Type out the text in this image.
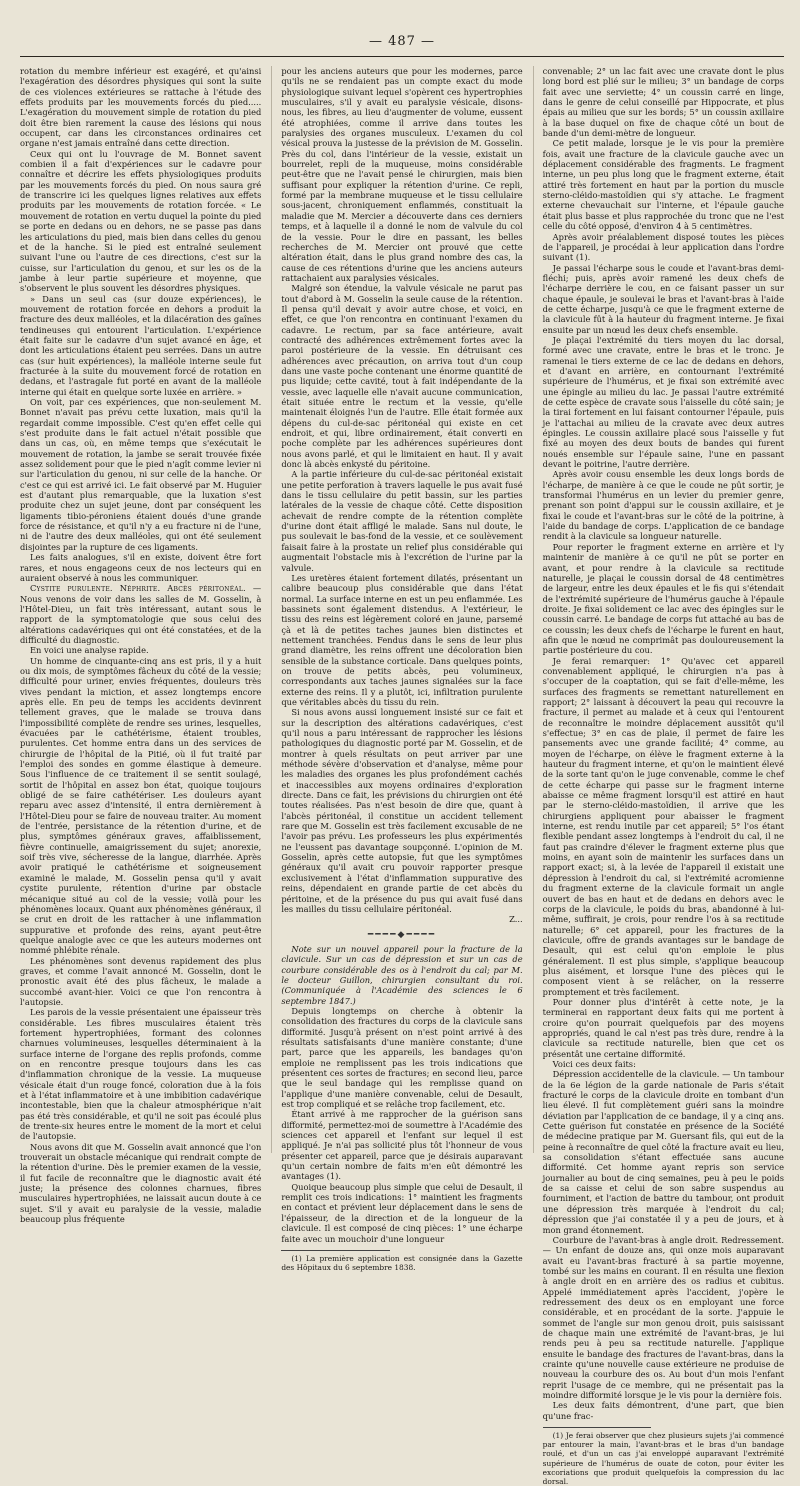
— 487 —

rotation du membre inférieur est exagéré, et qu'ainsi l'exagération des désordres physiques qui sont la suite de ces violences extérieures se rattache à l'étude des effets produits par les mouvements forcés du pied..... L'exagération du mouvement simple de rotation du pied doit être bien rarement la cause des lésions qui nous occupent, car dans les circonstances ordinaires cet organe n'est jamais entraîné dans cette direction.

Ceux qui ont lu l'ouvrage de M. Bonnet savent combien il a fait d'expériences sur le cadavre pour connaître et décrire les effets physiologiques produits par les mouvements forcés du pied. On nous saura gré de transcrire ici les quelques lignes relatives aux effets produits par les mouvements de rotation forcée. « Le mouvement de rotation en vertu duquel la pointe du pied se porte en dedans ou en dehors, ne se passe pas dans les articulations du pied, mais bien dans celles du genou et de la hanche. Si le pied est entraîné seulement suivant l'une ou l'autre de ces directions, c'est sur la cuisse, sur l'articulation du genou, et sur les os de la jambe à leur partie supérieure et moyenne, que s'observent le plus souvent les désordres physiques.

» Dans un seul cas (sur douze expériences), le mouvement de rotation forcée en dehors a produit la fracture des deux malléoles, et la dilacération des gaînes tendineuses qui entourent l'articulation. L'expérience était faite sur le cadavre d'un sujet avancé en âge, et dont les articulations étaient peu serrées. Dans un autre cas (sur huit expériences), la malléole interne seule fut fracturée à la suite du mouvement forcé de rotation en dedans, et l'astragale fut porté en avant de la malléole interne qui était en quelque sorte luxée en arrière. »

On voit, par ces expériences, que non-seulement M. Bonnet n'avait pas prévu cette luxation, mais qu'il la regardait comme impossible. C'est qu'en effet celle qui s'est produite dans le fait actuel n'était possible que dans un cas, où, en même temps que s'exécutait le mouvement de rotation, la jambe se serait trouvée fixée assez solidement pour que le pied n'agît comme levier ni sur l'articulation du genou, ni sur celle de la hanche. Or c'est ce qui est arrivé ici. Le fait observé par M. Huguier est d'autant plus remarquable, que la luxation s'est produite chez un sujet jeune, dont par conséquent les ligaments tibio-péroniens étaient doués d'une grande force de résistance, et qu'il n'y a eu fracture ni de l'une, ni de l'autre des deux malléoles, qui ont été seulement disjointes par la rupture de ces ligaments.

Les faits analogues, s'il en existe, doivent être fort rares, et nous engageons ceux de nos lecteurs qui en auraient observé à nous les communiquer.

Cystite purulente. Néphrite. Abcès péritonéal. — Nous venons de voir dans les salles de M. Gosselin, à l'Hôtel-Dieu, un fait très intéressant, autant sous le rapport de la symptomatologie que sous celui des altérations cadavériques qui ont été constatées, et de la difficulté du diagnostic.

En voici une analyse rapide.

Un homme de cinquante-cinq ans est pris, il y a huit ou dix mois, de symptômes fâcheux du côté de la vessie; difficulté pour uriner, envies fréquentes, douleurs très vives pendant la miction, et assez longtemps encore après elle. En peu de temps les accidents devinrent tellement graves, que le malade se trouva dans l'impossibilité complète de rendre ses urines, lesquelles, évacuées par le cathétérisme, étaient troubles, purulentes. Cet homme entra dans un des services de chirurgie de l'hôpital de la Pitié, où il fut traité par l'emploi des sondes en gomme élastique à demeure. Sous l'influence de ce traitement il se sentit soulagé, sortit de l'hôpital en assez bon état, quoique toujours obligé de se faire cathétériser. Les douleurs ayant reparu avec assez d'intensité, il entra dernièrement à l'Hôtel-Dieu pour se faire de nouveau traiter. Au moment de l'entrée, persistance de la rétention d'urine, et de plus, symptômes généraux graves, affaiblissement, fièvre continuelle, amaigrissement du sujet; anorexie, soif très vive, sécheresse de la langue, diarrhée. Après avoir pratiqué le cathétérisme et soigneusement examiné le malade, M. Gosselin pensa qu'il y avait cystite purulente, rétention d'urine par obstacle mécanique situé au col de la vessie; voilà pour les phénomènes locaux. Quant aux phénomènes généraux, il se crut en droit de les rattacher à une inflammation suppurative et profonde des reins, ayant peut-être quelque analogie avec ce que les auteurs modernes ont nommé phlébite rénale.

Les phénomènes sont devenus rapidement des plus graves, et comme l'avait annoncé M. Gosselin, dont le pronostic avait été des plus fâcheux, le malade a succombé avant-hier. Voici ce que l'on rencontra à l'autopsie.

Les parois de la vessie présentaient une épaisseur très considérable. Les fibres musculaires étaient très fortement hypertrophiées, formant des colonnes charnues volumineuses, lesquelles déterminaient à la surface interne de l'organe des replis profonds, comme on en rencontre presque toujours dans les cas d'inflammation chronique de la vessie. La muqueuse vésicale était d'un rouge foncé, coloration due à la fois et à l'état inflammatoire et à une imbibition cadavérique incontestable, bien que la chaleur atmosphérique n'ait pas été très considérable, et qu'il ne soit pas écoulé plus de trente-six heures entre le moment de la mort et celui de l'autopsie.

Nous avons dit que M. Gosselin avait annoncé que l'on trouverait un obstacle mécanique qui rendrait compte de la rétention d'urine. Dès le premier examen de la vessie, il fut facile de reconnaître que le diagnostic avait été juste; la présence des colonnes charnues, fibres musculaires hypertrophiées, ne laissait aucun doute à ce sujet. S'il y avait eu paralysie de la vessie, maladie beaucoup plus fréquente

pour les anciens auteurs que pour les modernes, parce qu'ils ne se rendaient pas un compte exact du mode physiologique suivant lequel s'opèrent ces hypertrophies musculaires, s'il y avait eu paralysie vésicale, disons-nous, les fibres, au lieu d'augmenter de volume, eussent été atrophiées, comme il arrive dans toutes les paralysies des organes musculeux. L'examen du col vésical prouva la justesse de la prévision de M. Gosselin. Près du col, dans l'intérieur de la vessie, existait un bourrelet, repli de la muqueuse, moins considérable peut-être que ne l'avait pensé le chirurgien, mais bien suffisant pour expliquer la rétention d'urine. Ce repli, formé par la membrane muqueuse et le tissu cellulaire sous-jacent, chroniquement enflammés, constituait la maladie que M. Mercier a découverte dans ces derniers temps, et à laquelle il a donné le nom de valvule du col de la vessie. Pour le dire en passant, les belles recherches de M. Mercier ont prouvé que cette altération était, dans le plus grand nombre des cas, la cause de ces rétentions d'urine que les anciens auteurs rattachaient aux paralysies vésicales.

Malgré son étendue, la valvule vésicale ne parut pas tout d'abord à M. Gosselin la seule cause de la rétention. Il pensa qu'il devait y avoir autre chose, et voici, en effet, ce que l'on rencontra en continuant l'examen du cadavre. Le rectum, par sa face antérieure, avait contracté des adhérences extrêmement fortes avec la paroi postérieure de la vessie. En détruisant ces adhérences avec précaution, on arriva tout d'un coup dans une vaste poche contenant une énorme quantité de pus liquide; cette cavité, tout à fait indépendante de la vessie, avec laquelle elle n'avait aucune communication, était située entre le rectum et la vessie, qu'elle maintenait éloignés l'un de l'autre. Elle était formée aux dépens du cul-de-sac péritonéal qui existe en cet endroit, et qui, libre ordinairement, était converti en poche complète par les adhérences supérieures dont nous avons parlé, et qui le limitaient en haut. Il y avait donc là abcès enkysté du péritoine.

A la partie inférieure du cul-de-sac péritonéal existait une petite perforation à travers laquelle le pus avait fusé dans le tissu cellulaire du petit bassin, sur les parties latérales de la vessie de chaque côté. Cette disposition achevait de rendre compte de la rétention complète d'urine dont était affligé le malade. Sans nul doute, le pus soulevait le bas-fond de la vessie, et ce soulèvement faisait faire à la prostate un relief plus considérable qui augmentait l'obstacle mis à l'excrétion de l'urine par la valvule.

Les uretères étaient fortement dilatés, présentant un calibre beaucoup plus considérable que dans l'état normal. La surface interne en est un peu enflammée. Les bassinets sont également distendus. A l'extérieur, le tissu des reins est légèrement coloré en jaune, parsemé çà et là de petites taches jaunes bien distinctes et nettement tranchées. Fendus dans le sens de leur plus grand diamètre, les reins offrent une décoloration bien sensible de la substance corticale. Dans quelques points, on trouve de petits abcès, peu volumineux, correspondants aux taches jaunes signalées sur la face externe des reins. Il y a plutôt, ici, infiltration purulente que véritables abcès du tissu du rein.

Si nous avons aussi longuement insisté sur ce fait et sur la description des altérations cadavériques, c'est qu'il nous a paru intéressant de rapprocher les lésions pathologiques du diagnostic porté par M. Gosselin, et de montrer à quels résultats on peut arriver par une méthode sévère d'observation et d'analyse, même pour les maladies des organes les plus profondément cachés et inaccessibles aux moyens ordinaires d'exploration directe. Dans ce fait, les prévisions du chirurgien ont été toutes réalisées. Pas n'est besoin de dire que, quant à l'abcès péritonéal, il constitue un accident tellement rare que M. Gosselin est très facilement excusable de ne l'avoir pas prévu. Les professeurs les plus expérimentés ne l'eussent pas davantage soupçonné. L'opinion de M. Gosselin, après cette autopsie, fut que les symptômes généraux qu'il avait cru pouvoir rapporter presque exclusivement à l'état d'inflammation suppurative des reins, dépendaient en grande partie de cet abcès du péritoine, et de la présence du pus qui avait fusé dans les mailles du tissu cellulaire péritonéal.

Z...

━━━━◆━━━━

Note sur un nouvel appareil pour la fracture de la clavicule. Sur un cas de dépression et sur un cas de courbure considérable des os à l'endroit du cal; par M. le docteur Guillon, chirurgien consultant du roi. (Communiquée à l'Académie des sciences le 6 septembre 1847.)

Depuis longtemps on cherche à obtenir la consolidation des fractures du corps de la clavicule sans difformité. Jusqu'à présent on n'est point arrivé à des résultats satisfaisants d'une manière constante; d'une part, parce que les appareils, les bandages qu'on emploie ne remplissent pas les trois indications que présentent ces sortes de fractures; en second lieu, parce que le seul bandage qui les remplisse quand on l'applique d'une manière convenable, celui de Desault, est trop compliqué et se relâche trop facilement, etc.

Étant arrivé à me rapprocher de la guérison sans difformité, permettez-moi de soumettre à l'Académie des sciences cet appareil et l'enfant sur lequel il est appliqué. Je n'ai pas sollicité plus tôt l'honneur de vous présenter cet appareil, parce que je désirais auparavant qu'un certain nombre de faits m'en eût démontré les avantages (1).

Quoique beaucoup plus simple que celui de Desault, il remplit ces trois indications: 1° maintient les fragments en contact et prévient leur déplacement dans le sens de l'épaisseur, de la direction et de la longueur de la clavicule. Il est composé de cinq pièces: 1° une écharpe faite avec un mouchoir d'une longueur

(1) La première application est consignée dans la Gazette des Hôpitaux du 6 septembre 1838.

convenable; 2° un lac fait avec une cravate dont le plus long bord est plié sur le milieu; 3° un bandage de corps fait avec une serviette; 4° un coussin carré en linge, dans le genre de celui conseillé par Hippocrate, et plus épais au milieu que sur les bords; 5° un coussin axillaire à la base duquel on fixe de chaque côté un bout de bande d'un demi-mètre de longueur.

Ce petit malade, lorsque je le vis pour la première fois, avait une fracture de la clavicule gauche avec un déplacement considérable des fragments. Le fragment interne, un peu plus long que le fragment externe, était attiré très fortement en haut par la portion du muscle sterno-cléido-mastoïdien qui s'y attache. Le fragment externe chevauchait sur l'interne, et l'épaule gauche était plus basse et plus rapprochée du tronc que ne l'est celle du côté opposé, d'environ 4 à 5 centimètres.

Après avoir préalablement disposé toutes les pièces de l'appareil, je procédai à leur application dans l'ordre suivant (1).

Je passai l'écharpe sous le coude et l'avant-bras demi-fléchi; puis, après avoir ramené les deux chefs de l'écharpe derrière le cou, en ce faisant passer un sur chaque épaule, je soulevai le bras et l'avant-bras à l'aide de cette écharpe, jusqu'à ce que le fragment externe de la clavicule fût à la hauteur du fragment interne. Je fixai ensuite par un nœud les deux chefs ensemble.

Je plaçai l'extrémité du tiers moyen du lac dorsal, formé avec une cravate, entre le bras et le tronc. Je ramenai le tiers externe de ce lac de dedans en dehors, et d'avant en arrière, en contournant l'extrémité supérieure de l'humérus, et je fixai son extrémité avec une épingle au milieu du lac. Je passai l'autre extrémité de cette espèce de cravate sous l'aisselle du côté sain; je la tirai fortement en lui faisant contourner l'épaule, puis je l'attachai au milieu de la cravate avec deux autres épingles. Le coussin axillaire placé sous l'aisselle y fut fixé au moyen des deux bouts de bandes qui furent noués ensemble sur l'épaule saine, l'une en passant devant le poitrine, l'autre derrière.

Après avoir cousu ensemble les deux longs bords de l'écharpe, de manière à ce que le coude ne pût sortir, je transformai l'humérus en un levier du premier genre, prenant son point d'appui sur le coussin axillaire, et je fixai le coude et l'avant-bras sur le côté de la poitrine, à l'aide du bandage de corps. L'application de ce bandage rendit à la clavicule sa longueur naturelle.

Pour reporter le fragment externe en arrière et l'y maintenir de manière à ce qu'il ne pût se porter en avant, et pour rendre à la clavicule sa rectitude naturelle, je plaçai le coussin dorsal de 48 centimètres de largeur, entre les deux épaules et le fis qui s'étendait de l'extrémité supérieure de l'humérus gauche à l'épaule droite. Je fixai solidement ce lac avec des épingles sur le coussin carré. Le bandage de corps fut attaché au bas de ce coussin; les deux chefs de l'écharpe le furent en haut, afin que le nœud ne comprimât pas douloureusement la partie postérieure du cou.

Je ferai remarquer: 1° Qu'avec cet appareil convenablement appliqué, le chirurgien n'a pas à s'occuper de la coaptation, qui se fait d'elle-même, les surfaces des fragments se remettant naturellement en rapport; 2° laissant à découvert la peau qui recouvre la fracture, il permet au malade et à ceux qui l'entourent de reconnaître le moindre déplacement aussitôt qu'il s'effectue; 3° en cas de plaie, il permet de faire les pansements avec une grande facilité; 4° comme, au moyen de l'écharpe, on élève le fragment externe à la hauteur du fragment interne, et qu'on le maintient élevé de la sorte tant qu'on le juge convenable, comme le chef de cette écharpe qui passe sur le fragment interne abaisse ce même fragment lorsqu'il est attiré en haut par le sterno-cléido-mastoïdien, il arrive que les chirurgiens appliquent pour abaisser le fragment interne, est rendu inutile par cet appareil; 5° l'os étant flexible pendant assez longtemps à l'endroit du cal, il ne faut pas craindre d'élever le fragment externe plus que moins, en ayant soin de maintenir les surfaces dans un rapport exact; si, à la levée de l'appareil il existait une dépression à l'endroit du cal, si l'extrémité acromienne du fragment externe de la clavicule formait un angle ouvert de bas en haut et de dedans en dehors avec le corps de la clavicule, le poids du bras, abandonné à lui-même, suffirait, je crois, pour rendre l'os à sa rectitude naturelle; 6° cet appareil, pour les fractures de la clavicule, offre de grands avantages sur le bandage de Desault, qui est celui qu'on emploie le plus généralement. Il est plus simple, s'applique beaucoup plus aisément, et lorsque l'une des pièces qui le composent vient à se relâcher, on la resserre promptement et très facilement.

Pour donner plus d'intérêt à cette note, je la terminerai en rapportant deux faits qui me portent à croire qu'on pourrait quelquefois par des moyens appropriés, quand le cal n'est pas très dure, rendre à la clavicule sa rectitude naturelle, bien que cet os présentât une certaine difformité.

Voici ces deux faits:

Dépression accidentelle de la clavicule. — Un tambour de la 6e légion de la garde nationale de Paris s'était fracturé le corps de la clavicule droite en tombant d'un lieu élevé. Il fut complètement guéri sans la moindre déviation par l'application de ce bandage, il y a cinq ans. Cette guérison fut constatée en présence de la Société de médecine pratique par M. Guersant fils, qui eut de la peine à reconnaître de quel côté la fracture avait eu lieu, sa consolidation s'étant effectuée sans aucune difformité. Cet homme ayant repris son service journalier au bout de cinq semaines, peu à peu le poids de sa caisse et celui de son sabre suspendus au fourniment, et l'action de battre du tambour, ont produit une dépression très marquée à l'endroit du cal; dépression que j'ai constatée il y a peu de jours, et à mon grand étonnement.

Courbure de l'avant-bras à angle droit. Redressement. — Un enfant de douze ans, qui onze mois auparavant avait eu l'avant-bras fracturé à sa partie moyenne, tombé sur les mains en courant. Il en résulta une flexion à angle droit en en arrière des os radius et cubitus. Appelé immédiatement après l'accident, j'opère le redressement des deux os en employant une force considérable, et en procédant de la sorte. J'appuie le sommet de l'angle sur mon genou droit, puis saisissant de chaque main une extrémité de l'avant-bras, je lui rends peu à peu sa rectitude naturelle. J'applique ensuite le bandage des fractures de l'avant-bras, dans la crainte qu'une nouvelle cause extérieure ne produise de nouveau la courbure des os. Au bout d'un mois l'enfant reprit l'usage de ce membre, qui ne présentait pas la moindre difformité lorsque je le vis pour la dernière fois.

Les deux faits démontrent, d'une part, que bien qu'une frac-

(1) Je ferai observer que chez plusieurs sujets j'ai commencé par entourer la main, l'avant-bras et le bras d'un bandage roulé, et d'un un cas j'ai enveloppé auparavant l'extrémité supérieure de l'humérus de ouate de coton, pour éviter les excoriations que produit quelquefois la compression du lac dorsal.
